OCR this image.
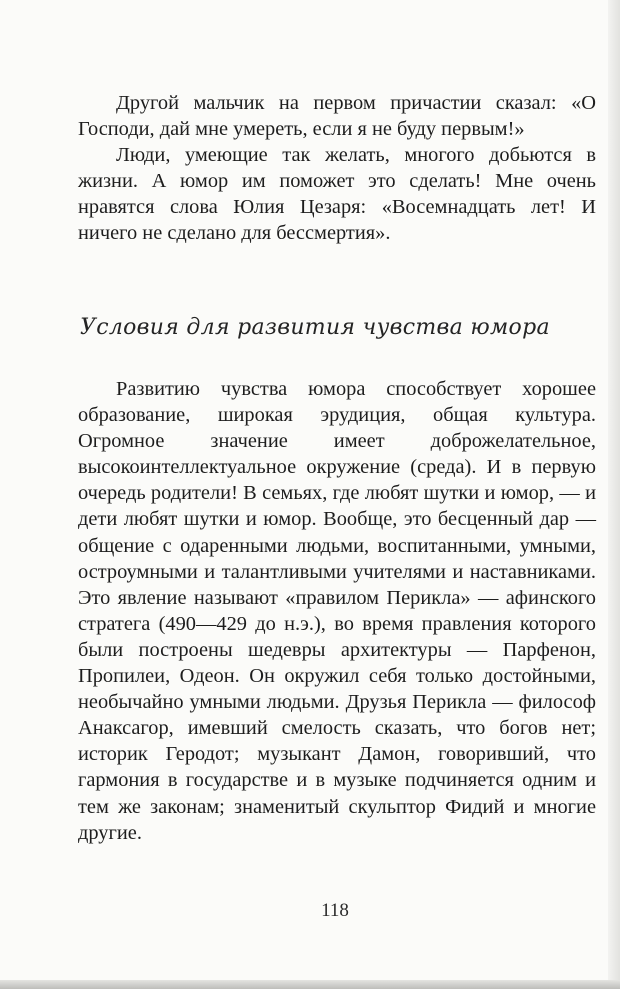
Другой мальчик на первом причастии сказал: «О Господи, дай мне умереть, если я не буду первым!»

Люди, умеющие так желать, многого добьются в жизни. А юмор им поможет это сделать! Мне очень нравятся слова Юлия Цезаря: «Восемнадцать лет! И ничего не сделано для бессмертия».

Условия для развития чувства юмора

Развитию чувства юмора способствует хорошее образование, широкая эрудиция, общая культура. Огромное значение имеет доброжелательное, высокоинтеллектуальное окружение (среда). И в первую очередь родители! В семьях, где любят шутки и юмор, — и дети любят шутки и юмор. Вообще, это бесценный дар — общение с одаренными людьми, воспитанными, умными, остроумными и талантливыми учителями и наставниками. Это явление называют «правилом Перикла» — афинского стратега (490—429 до н.э.), во время правления которого были построены шедевры архитектуры — Парфенон, Пропилеи, Одеон. Он окружил себя только достойными, необычайно умными людьми. Друзья Перикла — философ Анаксагор, имевший смелость сказать, что богов нет; историк Геродот; музыкант Дамон, говоривший, что гармония в государстве и в музыке подчиняется одним и тем же законам; знаменитый скульптор Фидий и многие другие.

118
